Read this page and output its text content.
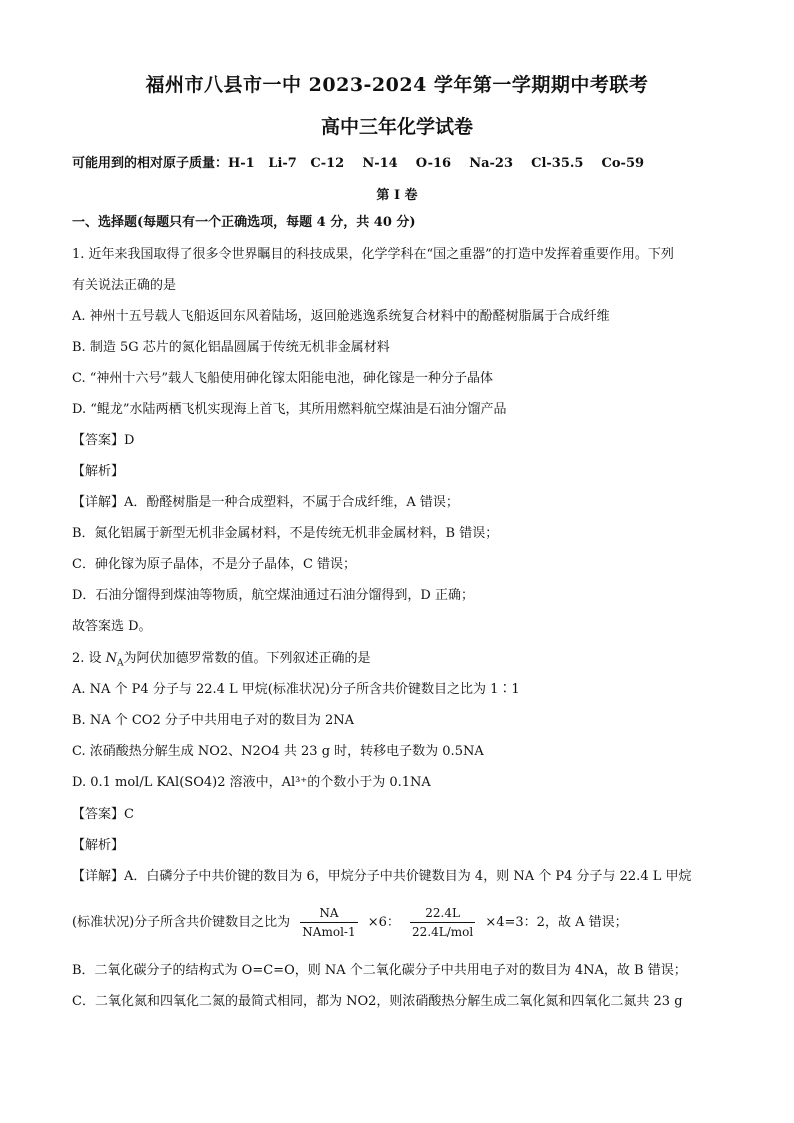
福州市八县市一中 2023-2024 学年第一学期期中考联考
高中三年化学试卷
可能用到的相对原子质量：H-1   Li-7   C-12    N-14    O-16    Na-23    Cl-35.5    Co-59
第 I 卷
一、选择题(每题只有一个正确选项，每题 4 分，共 40 分)
1. 近年来我国取得了很多令世界瞩目的科技成果，化学学科在“国之重器”的打造中发挥着重要作用。下列
有关说法正确的是
A. 神州十五号载人飞船返回东风着陆场，返回舱逃逸系统复合材料中的酚醛树脂属于合成纤维
B. 制造 5G 芯片的氮化铝晶圆属于传统无机非金属材料
C. “神州十六号”载人飞船使用砷化镓太阳能电池，砷化镓是一种分子晶体
D. “鲲龙”水陆两栖飞机实现海上首飞，其所用燃料航空煤油是石油分馏产品
【答案】D
【解析】
【详解】A．酚醛树脂是一种合成塑料，不属于合成纤维，A 错误；
B．氮化铝属于新型无机非金属材料，不是传统无机非金属材料，B 错误；
C．砷化镓为原子晶体，不是分子晶体，C 错误；
D．石油分馏得到煤油等物质，航空煤油通过石油分馏得到，D 正确；
故答案选 D。
2. 设 $N_A$为阿伏加德罗常数的值。下列叙述正确的是
A. NA 个 P4 分子与 22.4 L 甲烷(标准状况)分子所含共价键数目之比为 1∶1
B. NA 个 CO2 分子中共用电子对的数目为 2NA
C. 浓硝酸热分解生成 NO2、N2O4 共 23 g 时，转移电子数为 0.5NA
D. 0.1 mol/L KAl(SO4)2 溶液中，Al³⁺的个数小于为 0.1NA
【答案】C
【解析】
【详解】A．白磷分子中共价键的数目为 6，甲烷分子中共价键数目为 4，则 NA 个 P4 分子与 22.4 L 甲烷
(标准状况)分子所含共价键数目之比为 $\frac{NA}{\text{NAmol-1}} \times 6$： $\frac{22.4L}{\text{22.4L/mol}} \times 4=3$：2，故 A 错误；
B．二氧化碳分子的结构式为 O=C=O，则 NA 个二氧化碳分子中共用电子对的数目为 4NA，故 B 错误；
C．二氧化氮和四氧化二氮的最简式相同，都为 NO2，则浓硝酸热分解生成二氧化氮和四氧化二氮共 23 g
